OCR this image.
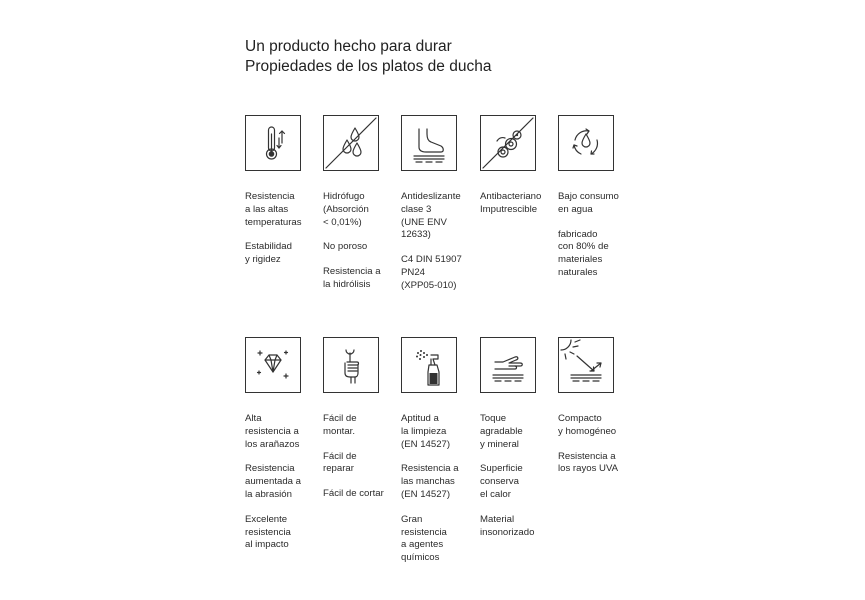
Un producto hecho para durar
Propiedades de los platos de ducha
Resistencia
a las altas
temperaturas
Estabilidad
y rigidez
Hidrófugo
(Absorción
< 0,01%)
No poroso
Resistencia a
la hidrólisis
Antideslizante
clase 3
(UNE ENV
12633)
C4 DIN 51907
PN24
(XPP05-010)
Antibacteriano
Imputrescible
Bajo consumo
en agua
fabricado
con 80% de
materiales
naturales
Alta
resistencia a
los arañazos
Resistencia
aumentada a
la abrasión
Excelente
resistencia
al impacto
Fácil de
montar.
Fácil de
reparar
Fácil de cortar
Aptitud a
la limpieza
(EN 14527)
Resistencia a
las manchas
(EN 14527)
Gran
resistencia
a agentes
químicos
Toque
agradable
y mineral
Superficie
conserva
el calor
Material
insonorizado
Compacto
y homogéneo
Resistencia a
los rayos UVA
